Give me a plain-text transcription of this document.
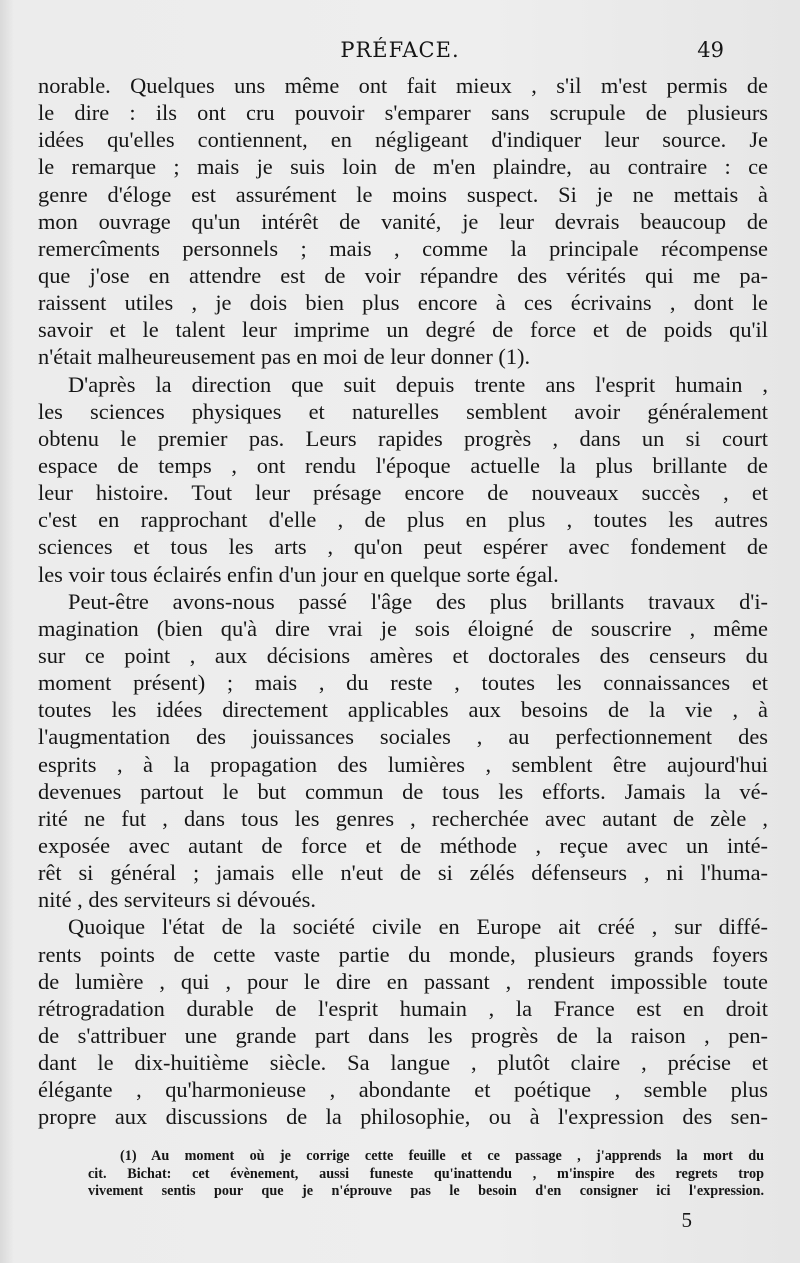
PRÉFACE.	49
norable. Quelques uns même ont fait mieux , s'il m'est permis de
le dire : ils ont cru pouvoir s'emparer sans scrupule de plusieurs
idées qu'elles contiennent, en négligeant d'indiquer leur source. Je
le remarque ; mais je suis loin de m'en plaindre, au contraire : ce
genre d'éloge est assurément le moins suspect. Si je ne mettais à
mon ouvrage qu'un intérêt de vanité, je leur devrais beaucoup de
remercîments personnels ; mais , comme la principale récompense
que j'ose en attendre est de voir répandre des vérités qui me pa-
raissent utiles , je dois bien plus encore à ces écrivains , dont le
savoir et le talent leur imprime un degré de force et de poids qu'il
n'était malheureusement pas en moi de leur donner (1).
D'après la direction que suit depuis trente ans l'esprit humain ,
les sciences physiques et naturelles semblent avoir généralement
obtenu le premier pas. Leurs rapides progrès , dans un si court
espace de temps , ont rendu l'époque actuelle la plus brillante de
leur histoire. Tout leur présage encore de nouveaux succès , et
c'est en rapprochant d'elle , de plus en plus , toutes les autres
sciences et tous les arts , qu'on peut espérer avec fondement de
les voir tous éclairés enfin d'un jour en quelque sorte égal.
Peut-être avons-nous passé l'âge des plus brillants travaux d'i-
magination (bien qu'à dire vrai je sois éloigné de souscrire , même
sur ce point , aux décisions amères et doctorales des censeurs du
moment présent) ; mais , du reste , toutes les connaissances et
toutes les idées directement applicables aux besoins de la vie , à
l'augmentation des jouissances sociales , au perfectionnement des
esprits , à la propagation des lumières , semblent être aujourd'hui
devenues partout le but commun de tous les efforts. Jamais la vé-
rité ne fut , dans tous les genres , recherchée avec autant de zèle ,
exposée avec autant de force et de méthode , reçue avec un inté-
rêt si général ; jamais elle n'eut de si zélés défenseurs , ni l'huma-
nité , des serviteurs si dévoués.
Quoique l'état de la société civile en Europe ait créé , sur diffé-
rents points de cette vaste partie du monde, plusieurs grands foyers
de lumière , qui , pour le dire en passant , rendent impossible toute
rétrogradation durable de l'esprit humain , la France est en droit
de s'attribuer une grande part dans les progrès de la raison , pen-
dant le dix-huitième siècle. Sa langue , plutôt claire , précise et
élégante , qu'harmonieuse , abondante et poétique , semble plus
propre aux discussions de la philosophie, ou à l'expression des sen-
(1) Au moment où je corrige cette feuille et ce passage , j'apprends la mort du
cit. Bichat: cet évènement, aussi funeste qu'inattendu , m'inspire des regrets trop
vivement sentis pour que je n'éprouve pas le besoin d'en consigner ici l'expression.
5
